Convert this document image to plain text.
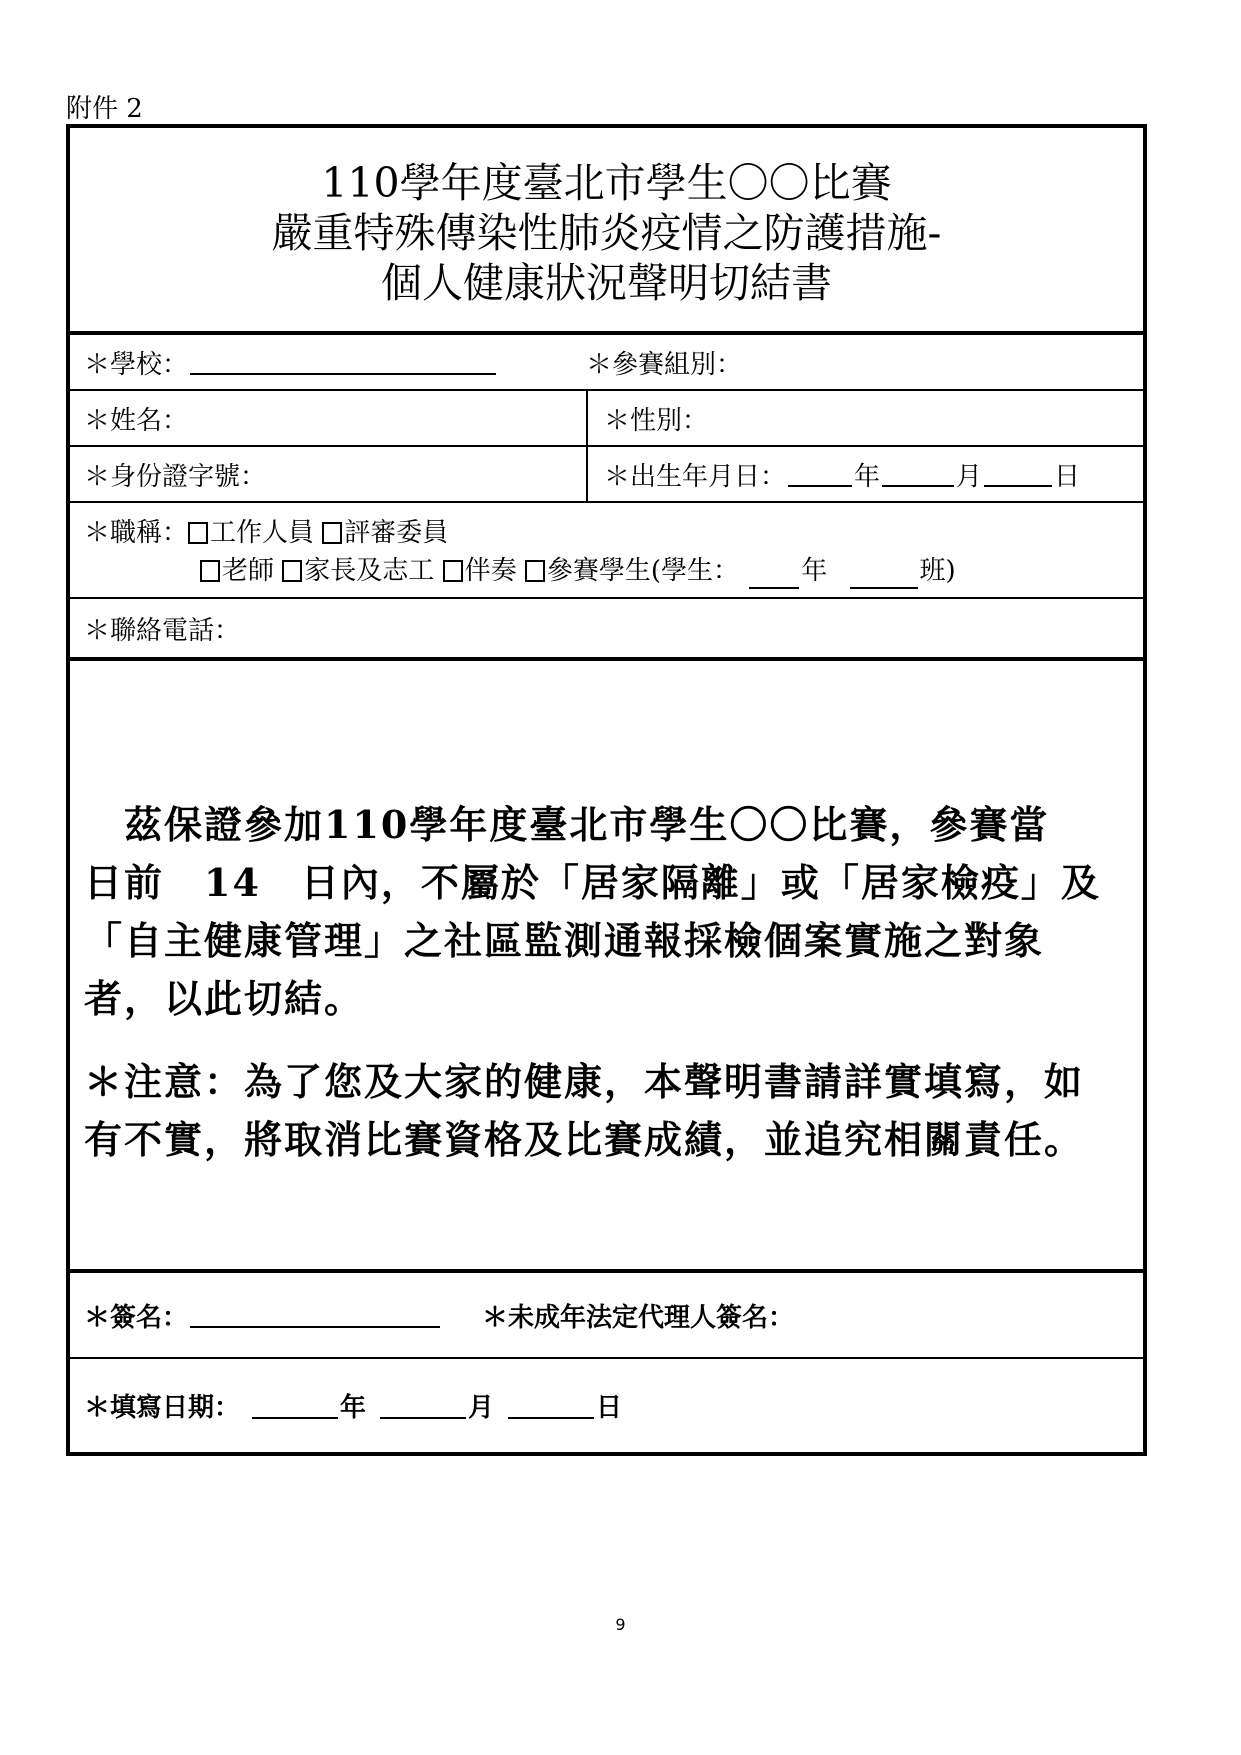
附件 2
110學年度臺北市學生〇〇比賽
嚴重特殊傳染性肺炎疫情之防護措施-
個人健康狀況聲明切結書
＊學校：	＊參賽組別：
＊姓名：	＊性別：
＊身份證字號：	＊出生年月日：	年	月	日
＊職稱： 工作人員 評審委員
老師 家長及志工 伴奏 參賽學生(學生： 年	班)
＊聯絡電話：
　茲保證參加110學年度臺北市學生〇〇比賽，參賽當
日前　14　日內，不屬於「居家隔離」或「居家檢疫」及
「自主健康管理」之社區監測通報採檢個案實施之對象
者，以此切結。
＊注意：為了您及大家的健康，本聲明書請詳實填寫，如
有不實，將取消比賽資格及比賽成績，並追究相關責任。
＊簽名：	＊未成年法定代理人簽名：
＊填寫日期：	年	月	日
9
